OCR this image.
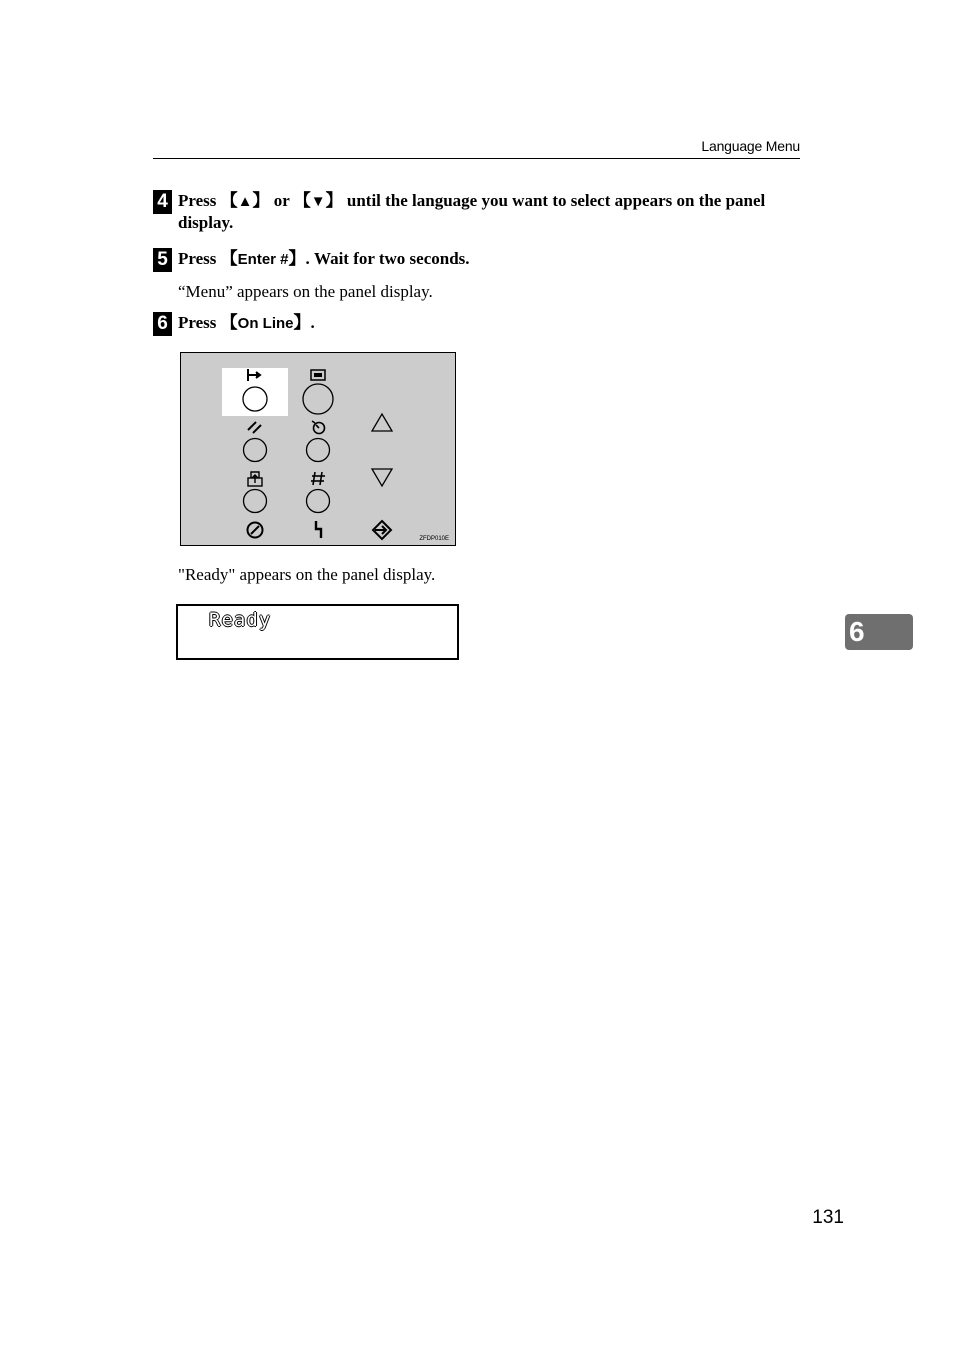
Language Menu
4 Press 【▲】 or 【▼】 until the language you want to select appears on the panel display.
5 Press 【Enter #】. Wait for two seconds.
“Menu” appears on the panel display.
6 Press 【On Line】.
ZFDP010E
"Ready" appears on the panel display.
Ready	6
131
